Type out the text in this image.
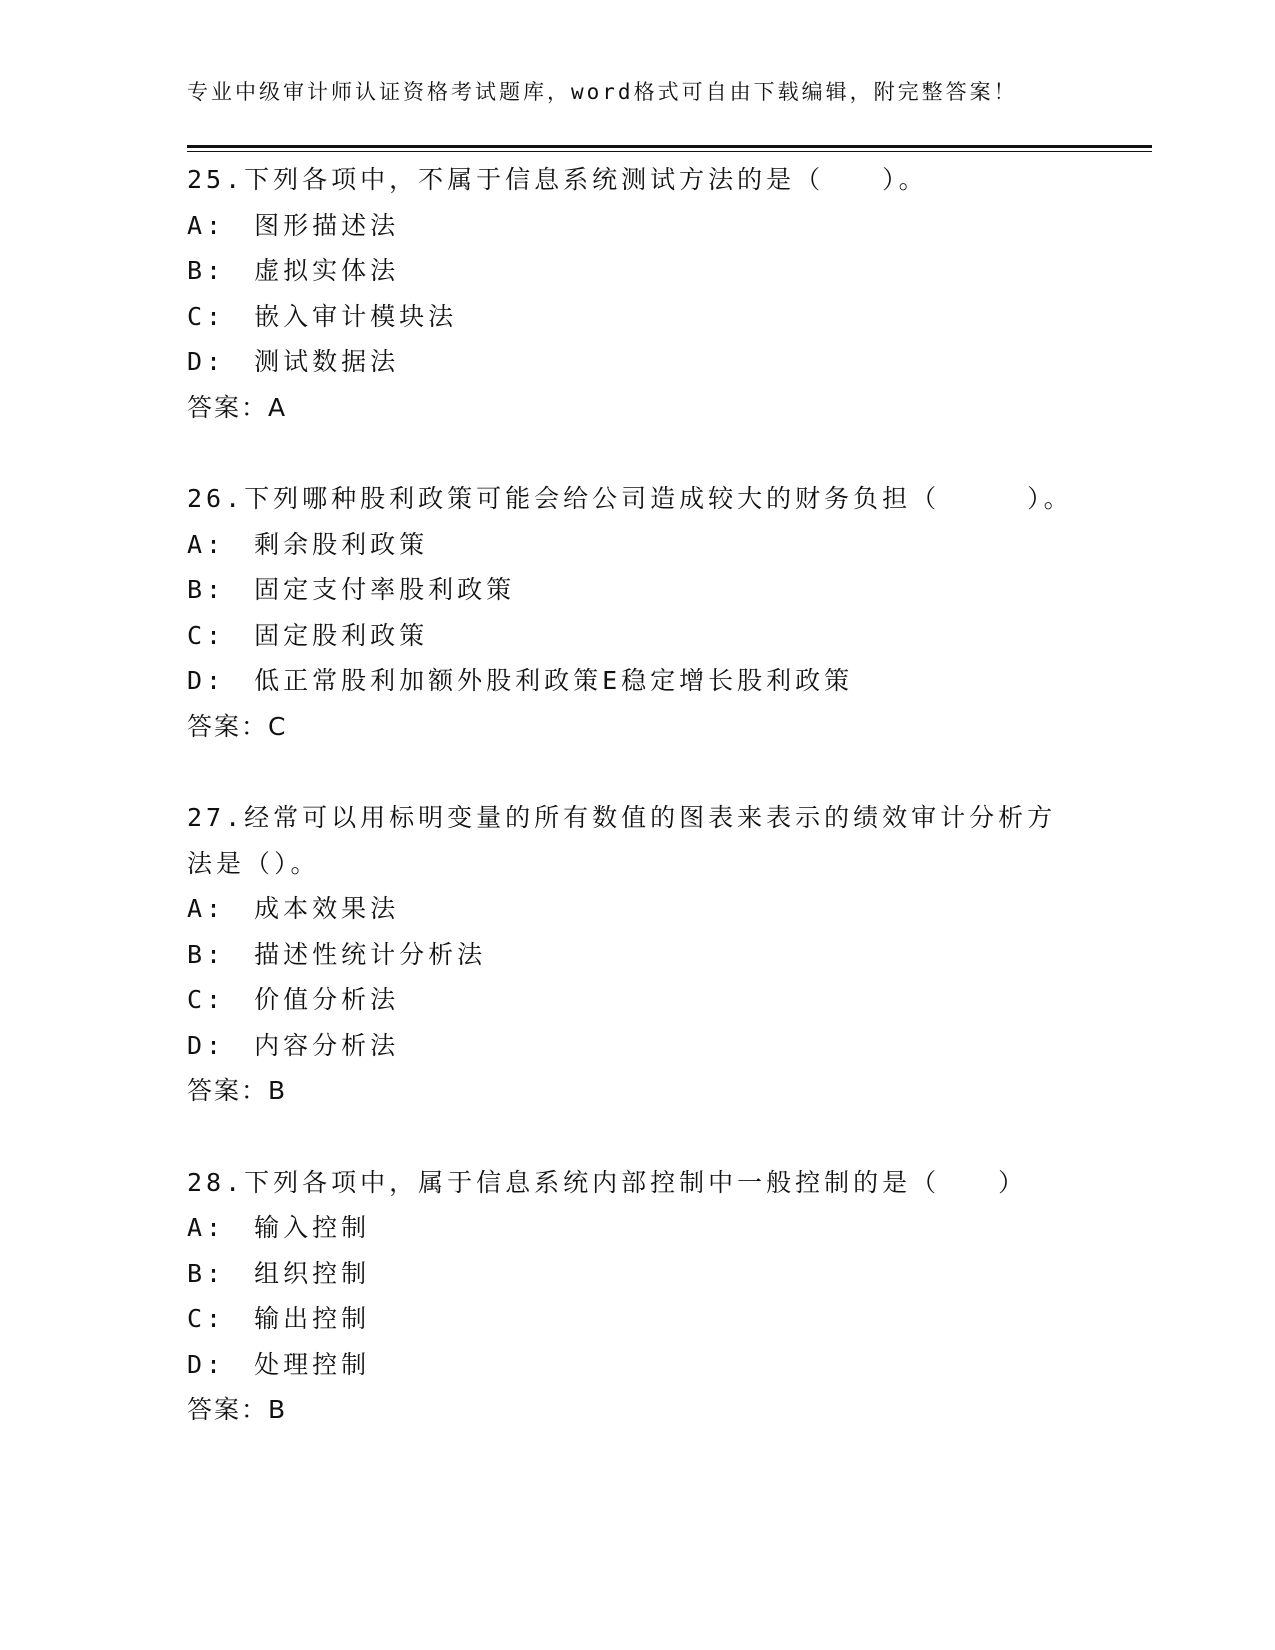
专业中级审计师认证资格考试题库，word格式可自由下载编辑，附完整答案！
25.下列各项中，不属于信息系统测试方法的是（　　）。
A:　图形描述法
B:　虚拟实体法
C:　嵌入审计模块法
D:　测试数据法
答案：A
26.下列哪种股利政策可能会给公司造成较大的财务负担（　　　）。
A:　剩余股利政策
B:　固定支付率股利政策
C:　固定股利政策
D:　低正常股利加额外股利政策E稳定增长股利政策
答案：C
27.经常可以用标明变量的所有数值的图表来表示的绩效审计分析方法是（）。
A:　成本效果法
B:　描述性统计分析法
C:　价值分析法
D:　内容分析法
答案：B
28.下列各项中，属于信息系统内部控制中一般控制的是（　　）
A:　输入控制
B:　组织控制
C:　输出控制
D:　处理控制
答案：B
